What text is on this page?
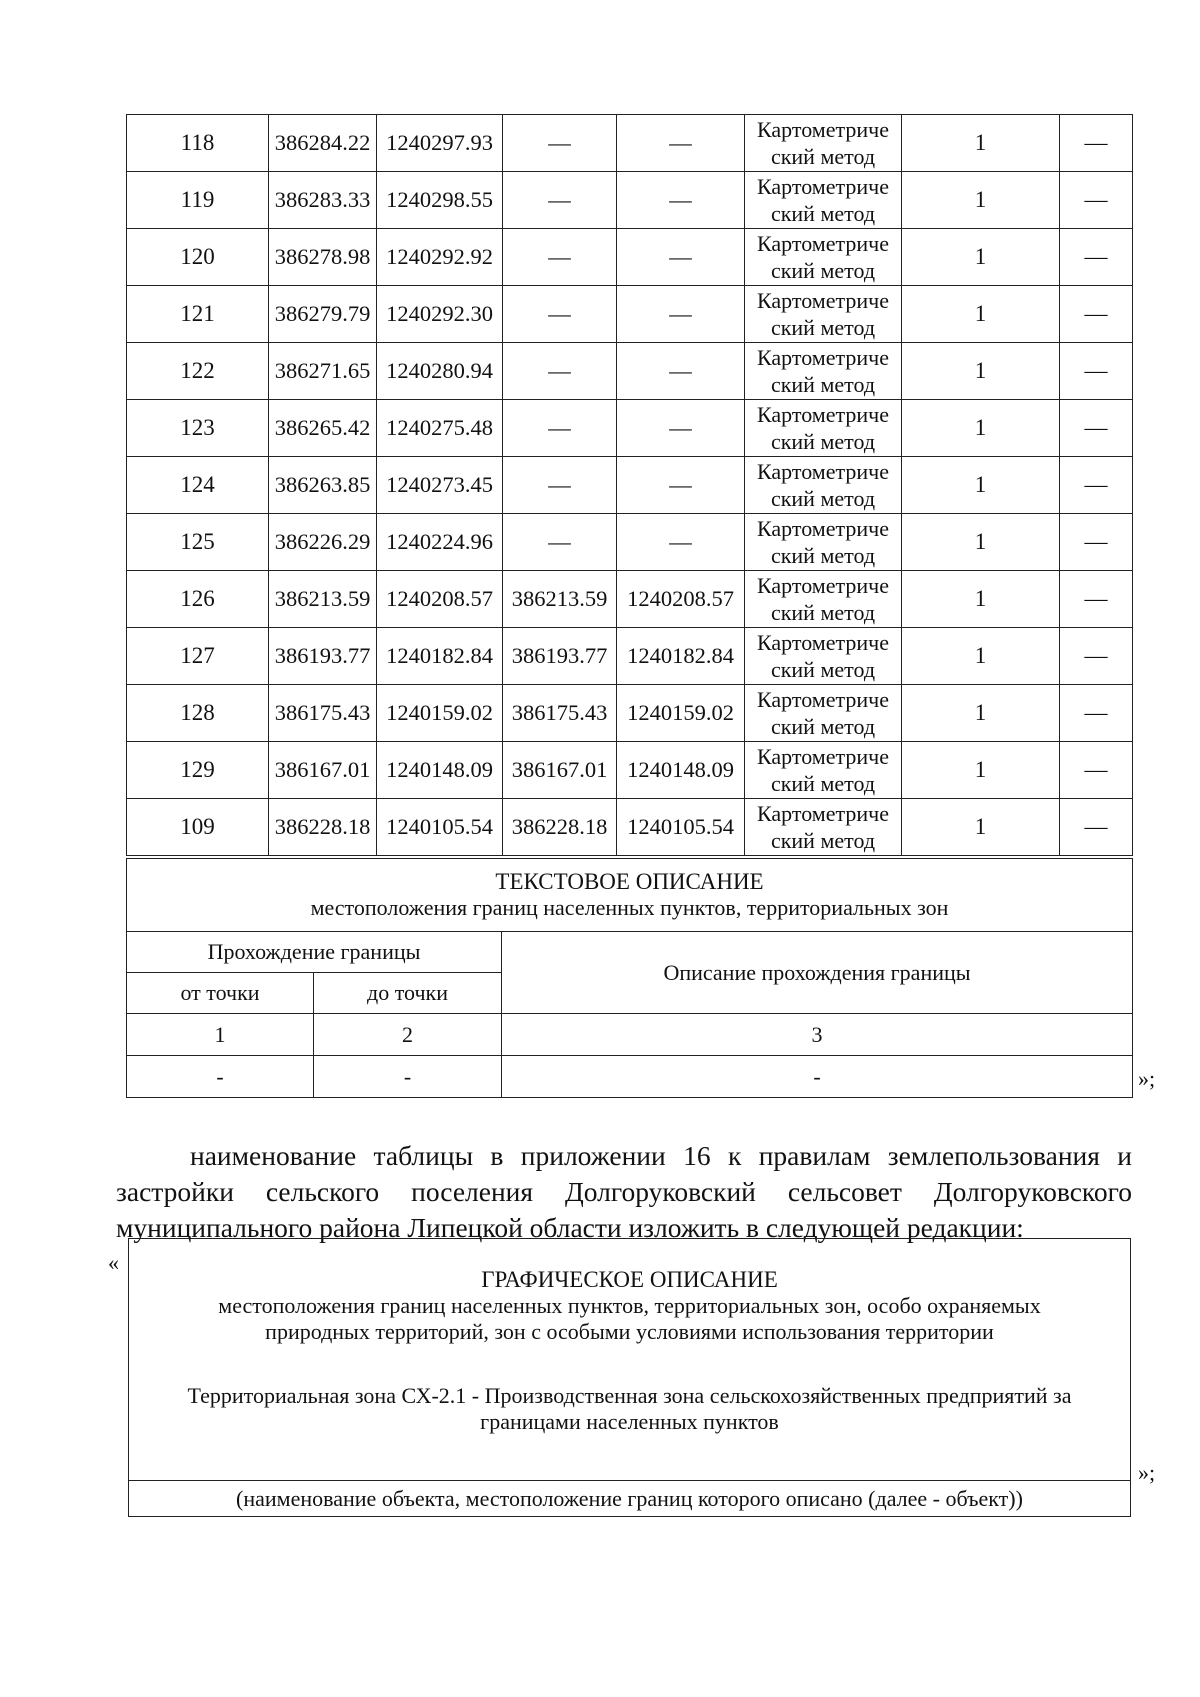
118	386284.22	1240297.93	—	—	Картометриче ский метод	1	—
119	386283.33	1240298.55	—	—	Картометриче ский метод	1	—
120	386278.98	1240292.92	—	—	Картометриче ский метод	1	—
121	386279.79	1240292.30	—	—	Картометриче ский метод	1	—
122	386271.65	1240280.94	—	—	Картометриче ский метод	1	—
123	386265.42	1240275.48	—	—	Картометриче ский метод	1	—
124	386263.85	1240273.45	—	—	Картометриче ский метод	1	—
125	386226.29	1240224.96	—	—	Картометриче ский метод	1	—
126	386213.59	1240208.57	386213.59	1240208.57	Картометриче ский метод	1	—
127	386193.77	1240182.84	386193.77	1240182.84	Картометриче ский метод	1	—
128	386175.43	1240159.02	386175.43	1240159.02	Картометриче ский метод	1	—
129	386167.01	1240148.09	386167.01	1240148.09	Картометриче ский метод	1	—
109	386228.18	1240105.54	386228.18	1240105.54	Картометриче ский метод	1	—
ТЕКСТОВОЕ ОПИСАНИЕ
местоположения границ населенных пунктов, территориальных зон		

Прохождение границы		Описание прохождения границы
от точки	до точки	
1	2	3
-	-	-	»;

наименование таблицы в приложении 16 к правилам землепользования и
застройки сельского поселения Долгоруковский сельсовет Долгоруковского
муниципального района Липецкой области изложить в следующей редакции:

«
ГРАФИЧЕСКОЕ ОПИСАНИЕ
местоположения границ населенных пунктов, территориальных зон, особо охраняемых
природных территорий, зон с особыми условиями использования территории
Территориальная зона СХ-2.1 - Производственная зона сельскохозяйственных предприятий за
границами населенных пунктов

(наименование объекта, местоположение границ которого описано (далее - объект))
»;
